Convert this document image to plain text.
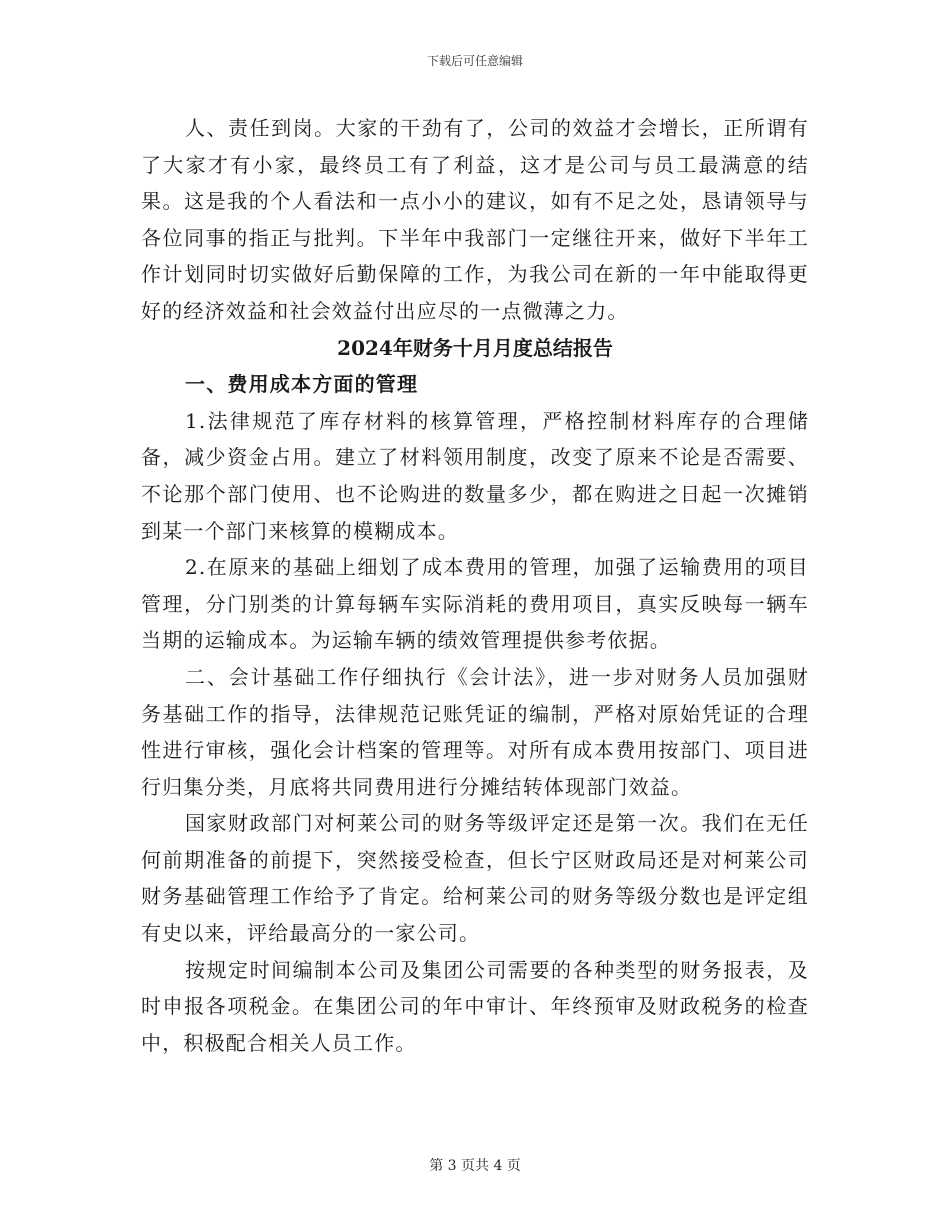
下载后可任意编辑

人、责任到岗。大家的干劲有了，公司的效益才会增长，正所谓有了大家才有小家，最终员工有了利益，这才是公司与员工最满意的结果。这是我的个人看法和一点小小的建议，如有不足之处，恳请领导与各位同事的指正与批判。下半年中我部门一定继往开来，做好下半年工作计划同时切实做好后勤保障的工作，为我公司在新的一年中能取得更好的经济效益和社会效益付出应尽的一点微薄之力。

2024年财务十月月度总结报告

一、费用成本方面的管理

1.法律规范了库存材料的核算管理，严格控制材料库存的合理储备，减少资金占用。建立了材料领用制度，改变了原来不论是否需要、不论那个部门使用、也不论购进的数量多少，都在购进之日起一次摊销到某一个部门来核算的模糊成本。

2.在原来的基础上细划了成本费用的管理，加强了运输费用的项目管理，分门别类的计算每辆车实际消耗的费用项目，真实反映每一辆车当期的运输成本。为运输车辆的绩效管理提供参考依据。

二、会计基础工作仔细执行《会计法》，进一步对财务人员加强财务基础工作的指导，法律规范记账凭证的编制，严格对原始凭证的合理性进行审核，强化会计档案的管理等。对所有成本费用按部门、项目进行归集分类，月底将共同费用进行分摊结转体现部门效益。

国家财政部门对柯莱公司的财务等级评定还是第一次。我们在无任何前期准备的前提下，突然接受检查，但长宁区财政局还是对柯莱公司财务基础管理工作给予了肯定。给柯莱公司的财务等级分数也是评定组有史以来，评给最高分的一家公司。

按规定时间编制本公司及集团公司需要的各种类型的财务报表，及时申报各项税金。在集团公司的年中审计、年终预审及财政税务的检查中，积极配合相关人员工作。

第 3 页共 4 页
